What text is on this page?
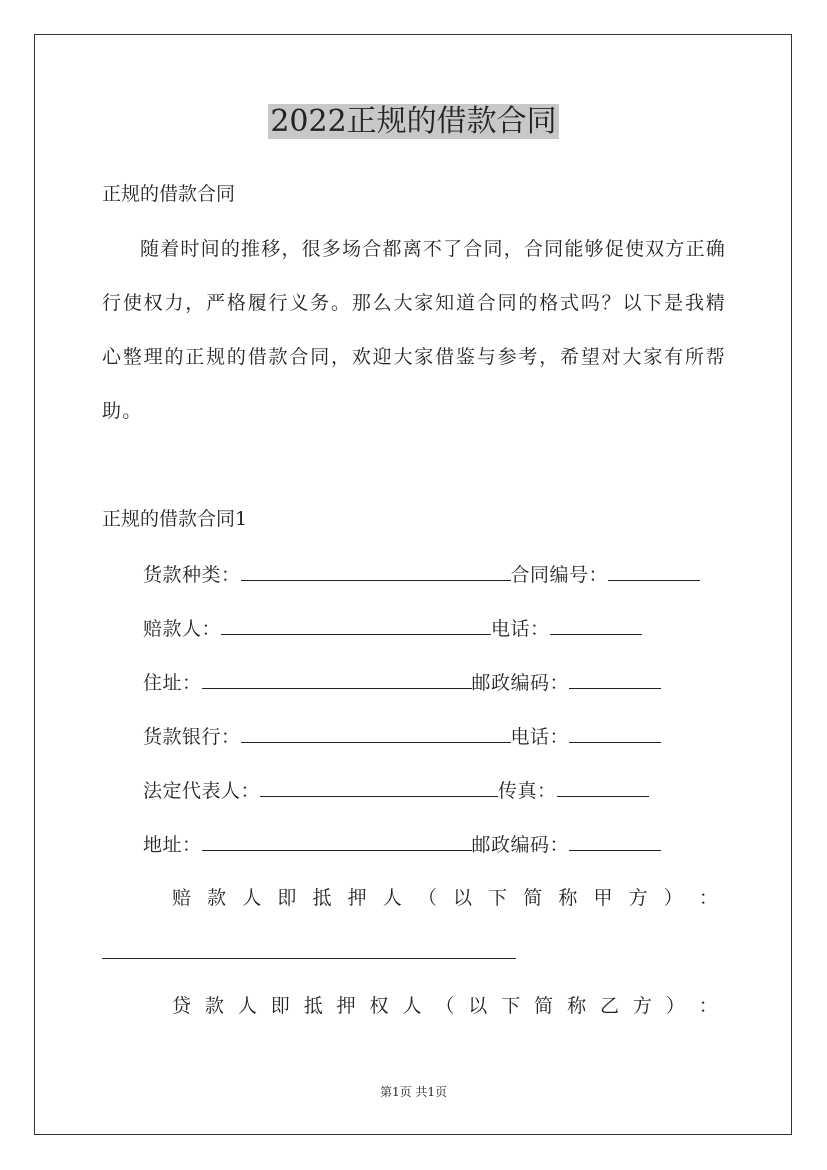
2022正规的借款合同
正规的借款合同
随着时间的推移，很多场合都离不了合同，合同能够促使双方正确行使权力，严格履行义务。那么大家知道合同的格式吗？以下是我精心整理的正规的借款合同，欢迎大家借鉴与参考，希望对大家有所帮助。
正规的借款合同1
货款种类：	合同编号：
赔款人：	电话：
住址：	邮政编码：
货款银行：	电话：
法定代表人：	传真：
地址：	邮政编码：
赔 款 人 即 抵 押 人 （ 以 下 简 称 甲 方 ） ：
贷 款 人 即 抵 押 权 人 （ 以 下 简 称 乙 方 ） ：
第1页 共1页
